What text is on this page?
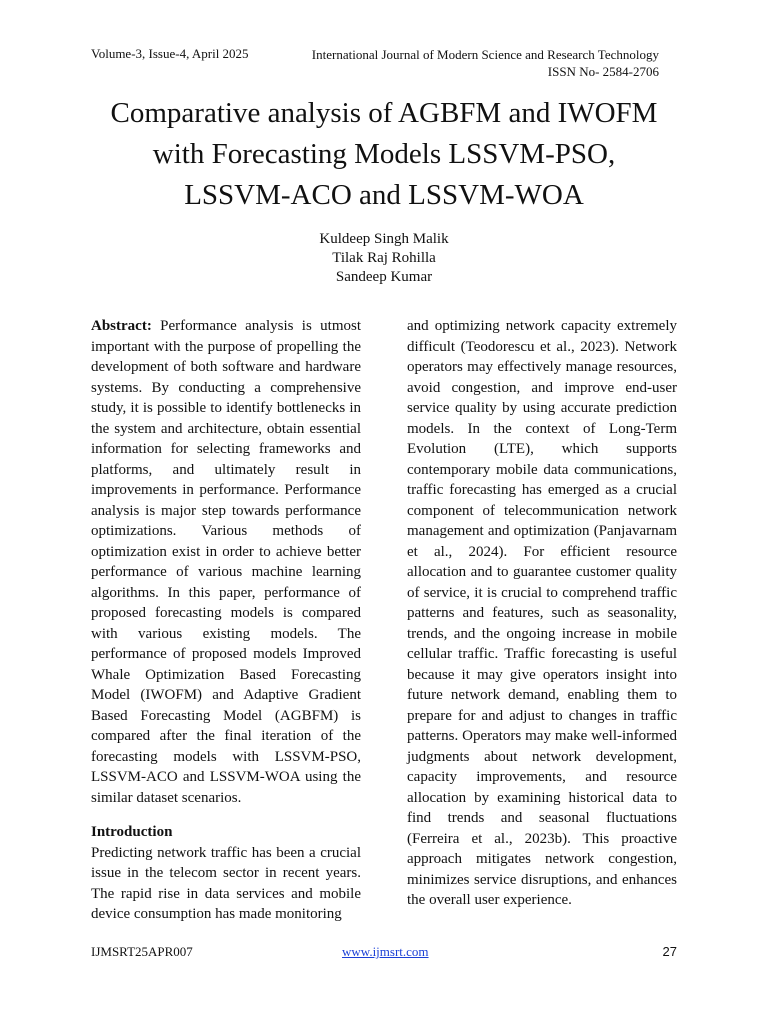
Volume-3, Issue-4, April 2025	International Journal of Modern Science and Research Technology
ISSN No- 2584-2706
Comparative analysis of AGBFM and IWOFM
with Forecasting Models LSSVM-PSO,
LSSVM-ACO and LSSVM-WOA
Kuldeep Singh Malik
Tilak Raj Rohilla
Sandeep Kumar

Abstract: Performance analysis is utmost important with the purpose of propelling the development of both software and hardware systems. By conducting a comprehensive study, it is possible to identify bottlenecks in the system and architecture, obtain essential information for selecting frameworks and platforms, and ultimately result in improvements in performance. Performance analysis is major step towards performance optimizations. Various methods of optimization exist in order to achieve better performance of various machine learning algorithms. In this paper, performance of proposed forecasting models is compared with various existing models. The performance of proposed models Improved Whale Optimization Based Forecasting Model (IWOFM) and Adaptive Gradient Based Forecasting Model (AGBFM) is compared after the final iteration of the forecasting models with LSSVM-PSO, LSSVM-ACO and LSSVM-WOA using the similar dataset scenarios.

Introduction

Predicting network traffic has been a crucial issue in the telecom sector in recent years. The rapid rise in data services and mobile device consumption has made monitoring

and optimizing network capacity extremely difficult (Teodorescu et al., 2023). Network operators may effectively manage resources, avoid congestion, and improve end-user service quality by using accurate prediction models. In the context of Long-Term Evolution (LTE), which supports contemporary mobile data communications, traffic forecasting has emerged as a crucial component of telecommunication network management and optimization (Panjavarnam et al., 2024). For efficient resource allocation and to guarantee customer quality of service, it is crucial to comprehend traffic patterns and features, such as seasonality, trends, and the ongoing increase in mobile cellular traffic. Traffic forecasting is useful because it may give operators insight into future network demand, enabling them to prepare for and adjust to changes in traffic patterns. Operators may make well-informed judgments about network development, capacity improvements, and resource allocation by examining historical data to find trends and seasonal fluctuations (Ferreira et al., 2023b). This proactive approach mitigates network congestion, minimizes service disruptions, and enhances the overall user experience.

IJMSRT25APR007	www.ijmsrt.com	27
